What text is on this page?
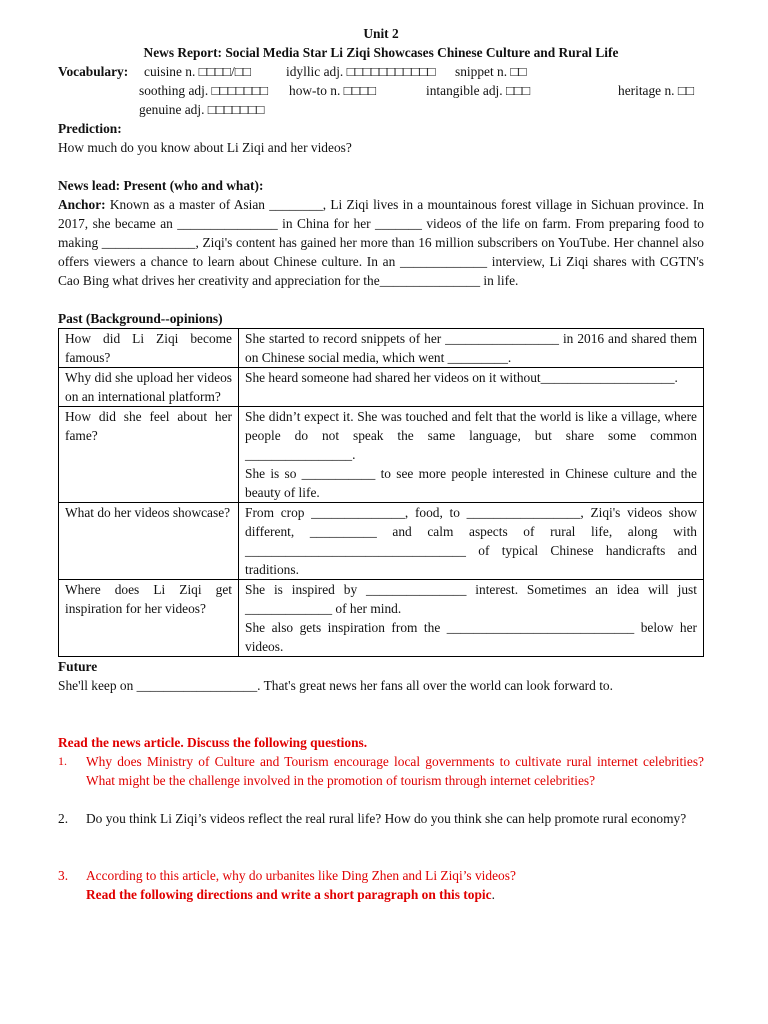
Unit 2
News Report: Social Media Star Li Ziqi Showcases Chinese Culture and Rural Life
Vocabulary: cuisine n. □□□□/□□	idyllic adj. □□□□□□□□□□□ snippet n. □□
soothing adj. □□□□□□□ how-to n. □□□□	intangible adj. □□□	heritage n. □□
genuine adj. □□□□□□□
Prediction:
How much do you know about Li Ziqi and her videos?
News lead: Present (who and what):
Anchor: Known as a master of Asian ________, Li Ziqi lives in a mountainous forest village in Sichuan province. In 2017, she became an _______________ in China for her _______ videos of the life on farm. From preparing food to making ______________, Ziqi's content has gained her more than 16 million subscribers on YouTube. Her channel also offers viewers a chance to learn about Chinese culture. In an _____________ interview, Li Ziqi shares with CGTN's Cao Bing what drives her creativity and appreciation for the_______________ in life.
Past (Background--opinions)
How did Li Ziqi become famous?	She started to record snippets of her _________________ in 2016 and shared them on Chinese social media, which went _________.

Why did she upload her videos on an international platform?	She heard someone had shared her videos on it without____________________.

How did she feel about her fame?	She didn’t expect it. She was touched and felt that the world is like a village, where people do not speak the same language, but share some common ________________.
She is so ___________ to see more people interested in Chinese culture and the beauty of life.

What do her videos showcase?	From crop ______________, food, to _________________, Ziqi's videos show different, __________ and calm aspects of rural life, along with _________________________________ of typical Chinese handicrafts and traditions.

Where does Li Ziqi get inspiration for her videos?	She is inspired by _______________ interest. Sometimes an idea will just _____________ of her mind.
She also gets inspiration from the ____________________________ below her videos.
Future
She'll keep on __________________. That's great news her fans all over the world can look forward to.
Read the news article. Discuss the following questions.
1. Why does Ministry of Culture and Tourism encourage local governments to cultivate rural internet celebrities? What might be the challenge involved in the promotion of tourism through internet celebrities?
2. Do you think Li Ziqi’s videos reflect the real rural life? How do you think she can help promote rural economy?
3. According to this article, why do urbanites like Ding Zhen and Li Ziqi’s videos?
Read the following directions and write a short paragraph on this topic.
